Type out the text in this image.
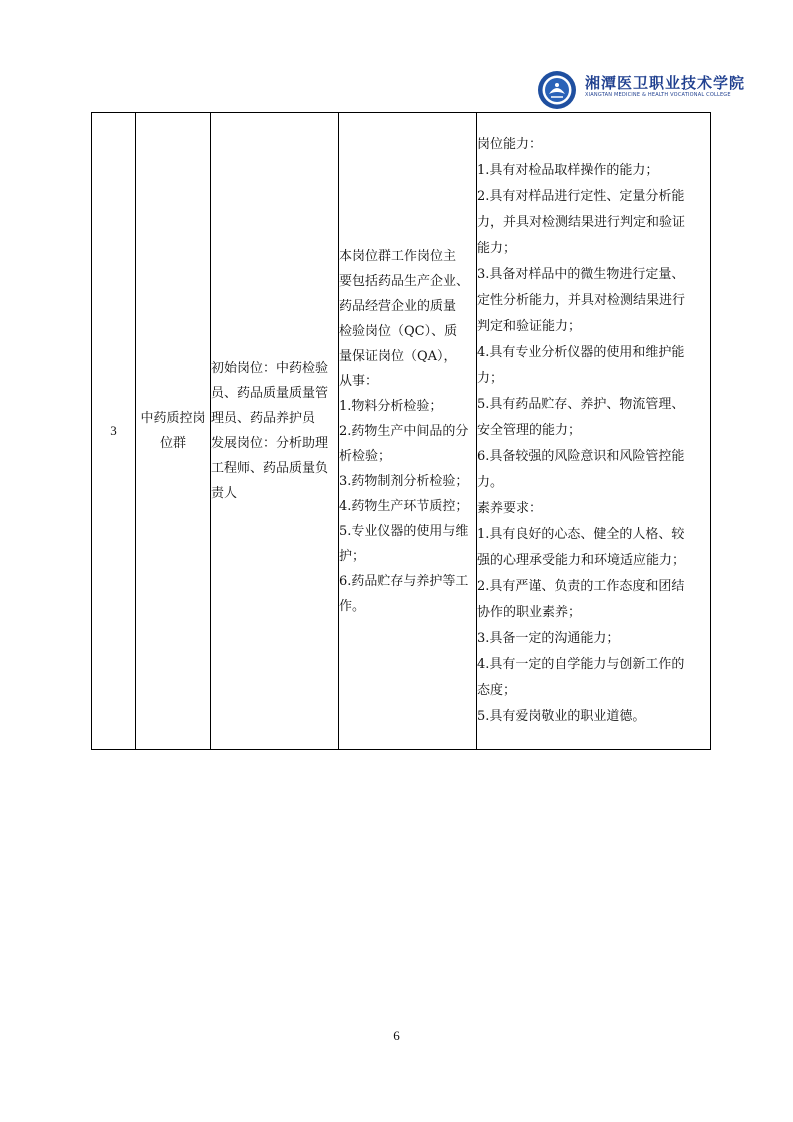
湘潭医卫职业技术学院
XIANGTAN MEDICINE & HEALTH VOCATIONAL COLLEGE
3	
中药质控岗
位群

初始岗位：中药检验
员、药品质量质量管
理员、药品养护员
发展岗位：分析助理
工程师、药品质量负
责人

本岗位群工作岗位主
要包括药品生产企业、
药品经营企业的质量
检验岗位（QC）、质
量保证岗位（QA），
从事：
1.物料分析检验；
2.药物生产中间品的分
析检验；
3.药物制剂分析检验；
4.药物生产环节质控；
5.专业仪器的使用与维
护；
6.药品贮存与养护等工
作。

岗位能力：
1.具有对检品取样操作的能力；
2.具有对样品进行定性、定量分析能
力，并具对检测结果进行判定和验证
能力；
3.具备对样品中的微生物进行定量、
定性分析能力，并具对检测结果进行
判定和验证能力；
4.具有专业分析仪器的使用和维护能
力；
5.具有药品贮存、养护、物流管理、
安全管理的能力；
6.具备较强的风险意识和风险管控能
力。
素养要求：
1.具有良好的心态、健全的人格、较
强的心理承受能力和环境适应能力；
2.具有严谨、负责的工作态度和团结
协作的职业素养；
3.具备一定的沟通能力；
4.具有一定的自学能力与创新工作的
态度；
5.具有爱岗敬业的职业道德。
6
